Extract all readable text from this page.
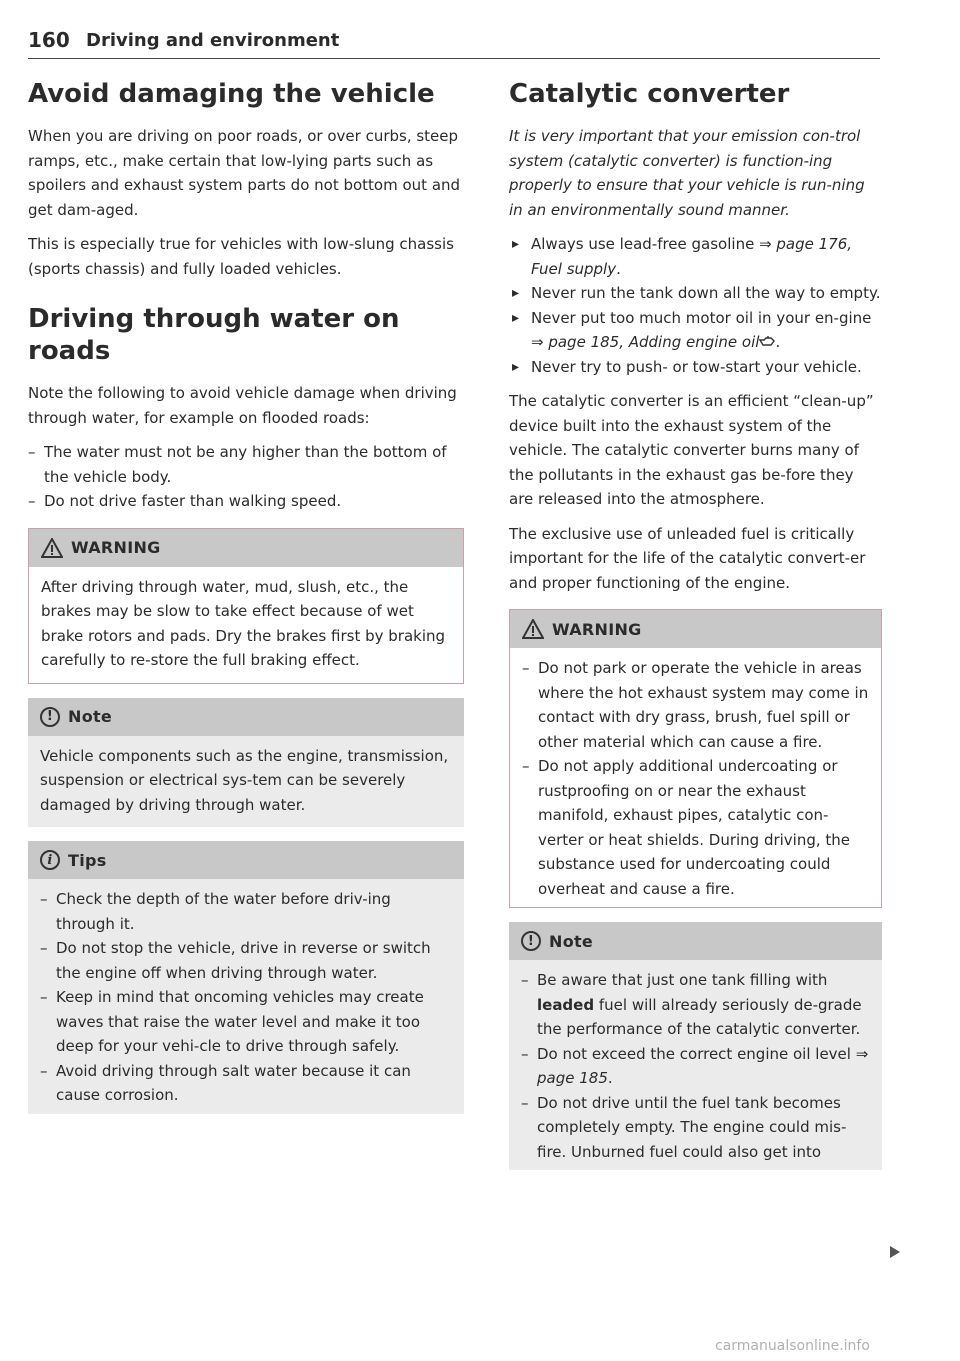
160 Driving and environment
Avoid damaging the vehicle

When you are driving on poor roads, or over curbs, steep ramps, etc., make certain that low-lying parts such as spoilers and exhaust system parts do not bottom out and get dam-aged.

This is especially true for vehicles with low-slung chassis (sports chassis) and fully loaded vehicles.

Driving through water on roads

Note the following to avoid vehicle damage when driving through water, for example on flooded roads:

– The water must not be any higher than the bottom of the vehicle body.
– Do not drive faster than walking speed.
WARNING

After driving through water, mud, slush, etc., the brakes may be slow to take effect because of wet brake rotors and pads. Dry the brakes first by braking carefully to re-store the full braking effect.

! Note

Vehicle components such as the engine, transmission, suspension or electrical sys-tem can be severely damaged by driving through water.

i Tips
– Check the depth of the water before driv-ing through it.
– Do not stop the vehicle, drive in reverse or switch the engine off when driving through water.
– Keep in mind that oncoming vehicles may create waves that raise the water level and make it too deep for your vehi-cle to drive through safely.
– Avoid driving through salt water because it can cause corrosion.
Catalytic converter

It is very important that your emission con-trol system (catalytic converter) is function-ing properly to ensure that your vehicle is run-ning in an environmentally sound manner.

▸ Always use lead-free gasoline ⇒ page 176, Fuel supply.
▸ Never run the tank down all the way to empty.
▸ Never put too much motor oil in your en-gine ⇒ page 185, Adding engine oil .
▸ Never try to push- or tow-start your vehicle.

The catalytic converter is an efficient “clean-up” device built into the exhaust system of the vehicle. The catalytic converter burns many of the pollutants in the exhaust gas be-fore they are released into the atmosphere.

The exclusive use of unleaded fuel is critically important for the life of the catalytic convert-er and proper functioning of the engine.

WARNING
– Do not park or operate the vehicle in areas where the hot exhaust system may come in contact with dry grass, brush, fuel spill or other material which can cause a fire.
– Do not apply additional undercoating or rustproofing on or near the exhaust manifold, exhaust pipes, catalytic con-verter or heat shields. During driving, the substance used for undercoating could overheat and cause a fire.
! Note
– Be aware that just one tank filling with leaded fuel will already seriously de-grade the performance of the catalytic converter.
– Do not exceed the correct engine oil level ⇒ page 185.
– Do not drive until the fuel tank becomes completely empty. The engine could mis-fire. Unburned fuel could also get into
carmanualsonline.info
